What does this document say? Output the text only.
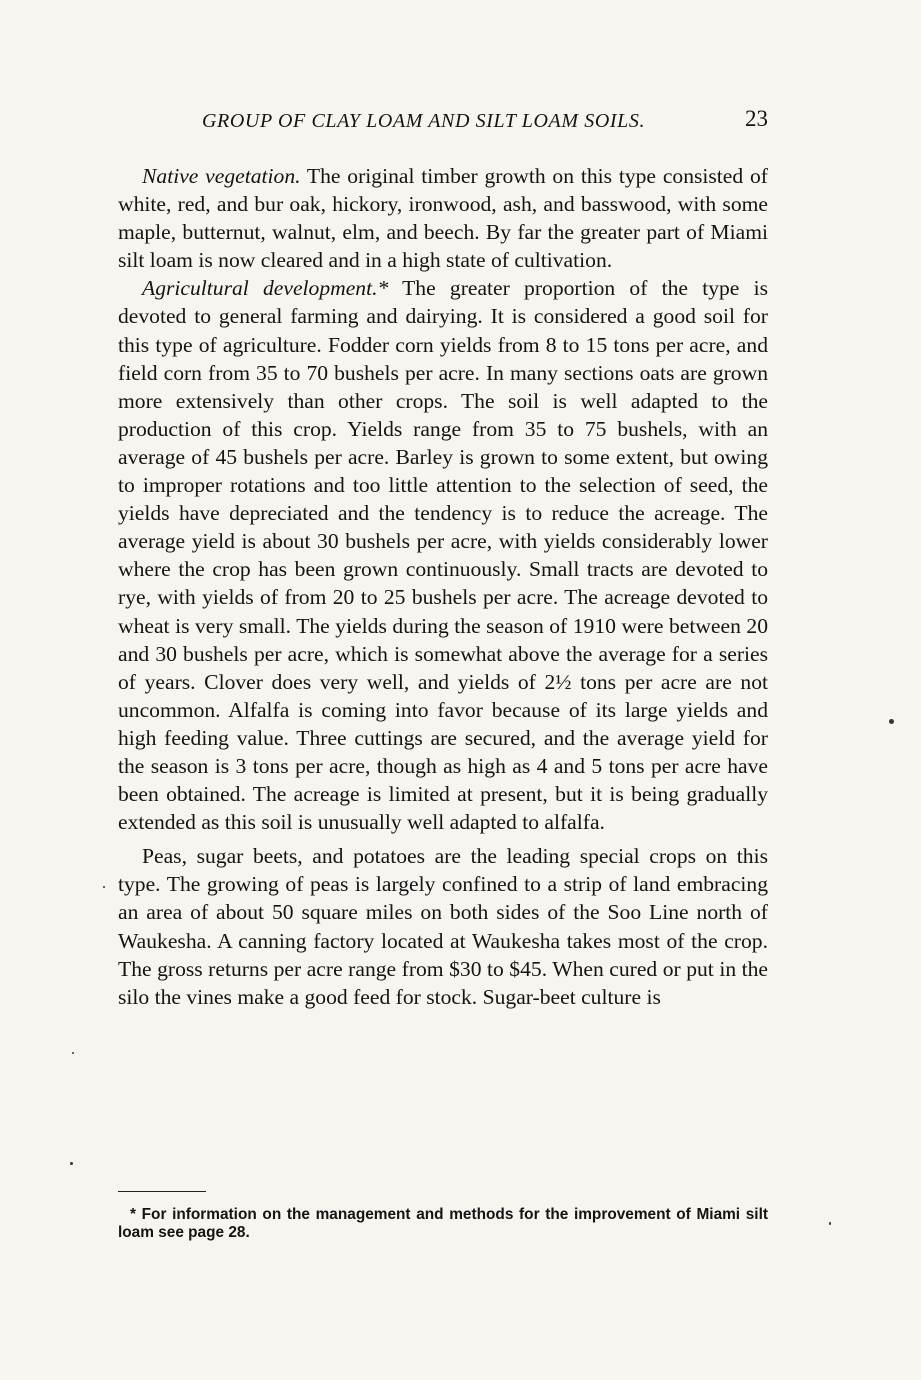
GROUP OF CLAY LOAM AND SILT LOAM SOILS.	23

Native vegetation. The original timber growth on this type consisted of white, red, and bur oak, hickory, ironwood, ash, and basswood, with some maple, butternut, walnut, elm, and beech. By far the greater part of Miami silt loam is now cleared and in a high state of cultivation.

Agricultural development.* The greater proportion of the type is devoted to general farming and dairying. It is considered a good soil for this type of agriculture. Fodder corn yields from 8 to 15 tons per acre, and field corn from 35 to 70 bushels per acre. In many sections oats are grown more extensively than other crops. The soil is well adapted to the production of this crop. Yields range from 35 to 75 bushels, with an average of 45 bushels per acre. Barley is grown to some extent, but owing to improper rotations and too little attention to the selection of seed, the yields have depreciated and the tendency is to reduce the acreage. The average yield is about 30 bushels per acre, with yields considerably lower where the crop has been grown continuously. Small tracts are devoted to rye, with yields of from 20 to 25 bushels per acre. The acreage devoted to wheat is very small. The yields during the season of 1910 were between 20 and 30 bushels per acre, which is somewhat above the average for a series of years. Clover does very well, and yields of 2½ tons per acre are not uncommon. Alfalfa is coming into favor because of its large yields and high feeding value. Three cuttings are secured, and the average yield for the season is 3 tons per acre, though as high as 4 and 5 tons per acre have been obtained. The acreage is limited at present, but it is being gradually extended as this soil is unusually well adapted to alfalfa.

Peas, sugar beets, and potatoes are the leading special crops on this type. The growing of peas is largely confined to a strip of land embracing an area of about 50 square miles on both sides of the Soo Line north of Waukesha. A canning factory located at Waukesha takes most of the crop. The gross returns per acre range from $30 to $45. When cured or put in the silo the vines make a good feed for stock. Sugar-beet culture is

* For information on the management and methods for the improvement of Miami silt loam see page 28.
